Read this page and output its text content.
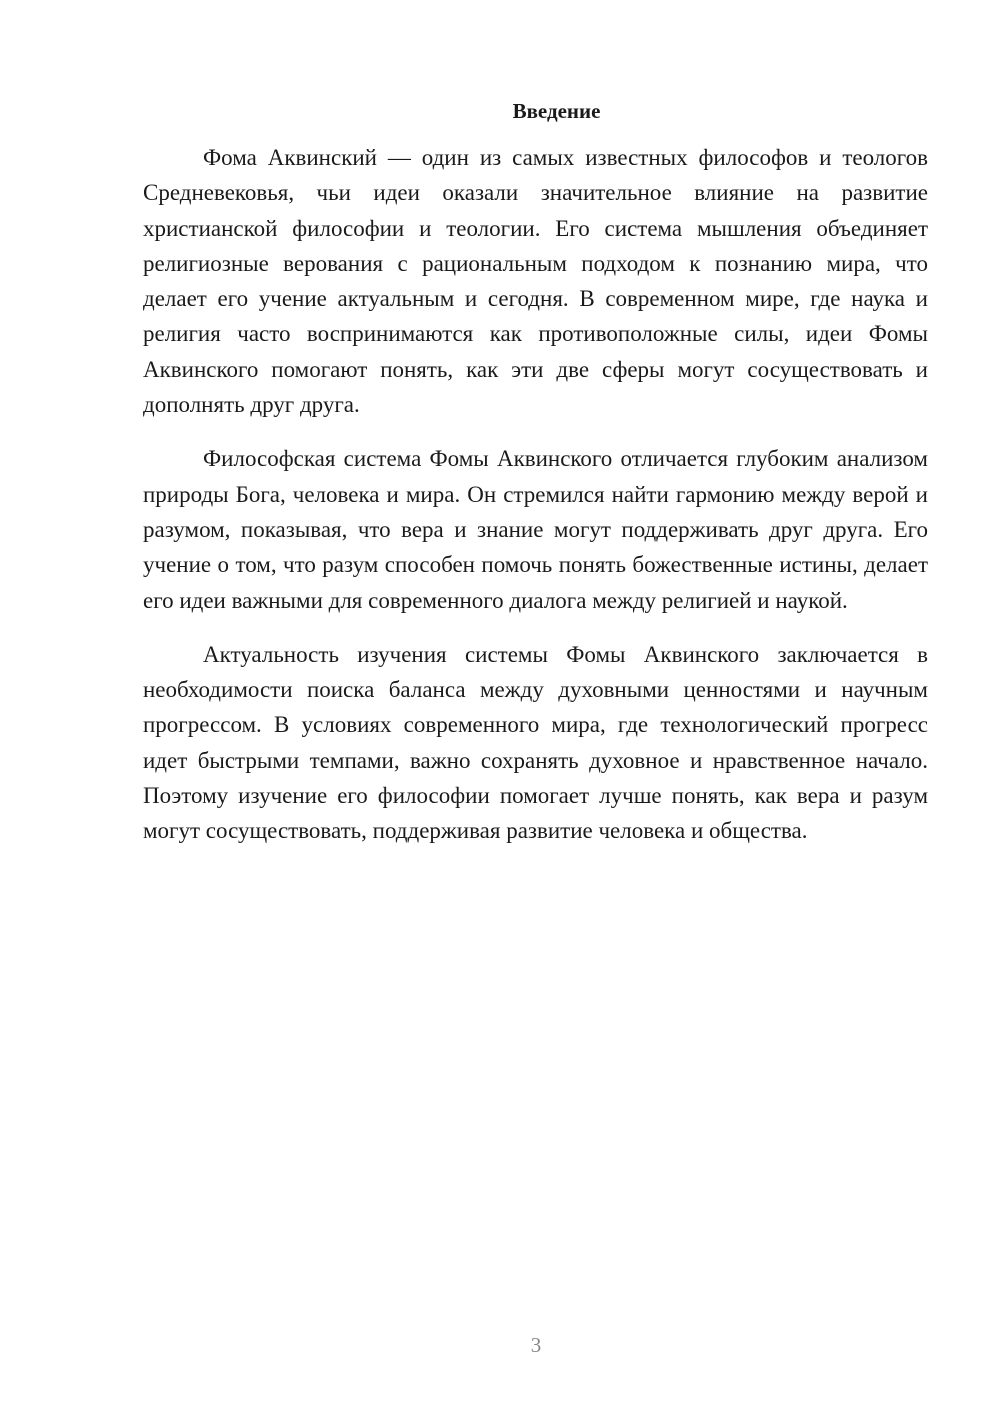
Введение

Фома Аквинский — один из самых известных философов и теологов Средневековья, чьи идеи оказали значительное влияние на развитие христианской философии и теологии. Его система мышления объединяет религиозные верования с рациональным подходом к познанию мира, что делает его учение актуальным и сегодня. В современном мире, где наука и религия часто воспринимаются как противоположные силы, идеи Фомы Аквинского помогают понять, как эти две сферы могут сосуществовать и дополнять друг друга.

Философская система Фомы Аквинского отличается глубоким анализом природы Бога, человека и мира. Он стремился найти гармонию между верой и разумом, показывая, что вера и знание могут поддерживать друг друга. Его учение о том, что разум способен помочь понять божественные истины, делает его идеи важными для современного диалога между религией и наукой.

Актуальность изучения системы Фомы Аквинского заключается в необходимости поиска баланса между духовными ценностями и научным прогрессом. В условиях современного мира, где технологический прогресс идет быстрыми темпами, важно сохранять духовное и нравственное начало. Поэтому изучение его философии помогает лучше понять, как вера и разум могут сосуществовать, поддерживая развитие человека и общества.

3
